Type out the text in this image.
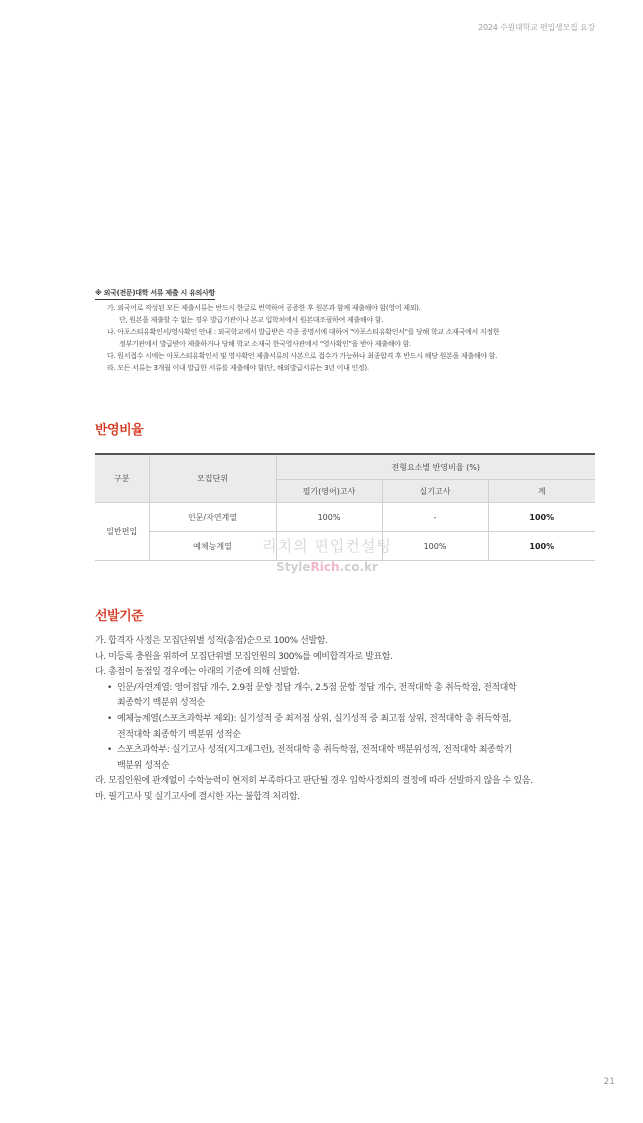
2024 수원대학교 편입생모집 요강
※ 외국(전문)대학 서류 제출 시 유의사항
가. 외국어로 작성된 모든 제출서류는 반드시 한글로 번역하여 공증한 후 원본과 함께 제출해야 함(영어 제외).
단, 원본을 제출할 수 없는 경우 발급기관이나 본교 입학처에서 원본대조필하여 제출해야 함.
나. 아포스티유확인서/영사확인 안내 : 외국학교에서 발급받은 각종 증명서에 대하여 "아포스티유확인서"를 당해 학교 소재국에서 지정한
정부기관에서 발급받아 제출하거나 당해 학교 소재국 한국영사관에서 "영사확인"을 받아 제출해야 함.
다. 원서접수 시에는 아포스티유확인서 및 영사확인 제출서류의 사본으로 접수가 가능하나 최종합격 후 반드시 해당 원본을 제출해야 함.
라. 모든 서류는 3개월 이내 발급한 서류를 제출해야 함(단, 해외발급서류는 3년 이내 인정).
반영비율
구분	모집단위	전형요소별 반영비율 (%)		
		필기(영어)고사	실기고사	계
일반편입	인문/자연계열	100%	-	100%
	예체능계열		100%	100%
리치의 편입컨설팅
StyleRich.co.kr
선발기준
가. 합격자 사정은 모집단위별 성적(총점)순으로 100% 선발함.
나. 미등록 충원을 위하여 모집단위별 모집인원의 300%를 예비합격자로 발표함.
다. 총점이 동점일 경우에는 아래의 기준에 의해 선발함.
• 인문/자연계열: 영어접답 개수, 2.9점 문항 정답 개수, 2.5점 문항 정답 개수, 전적대학 총 취득학점, 전적대학
최종학기 백분위 성적순
• 예체능계열(스포츠과학부 제외): 실기성적 중 최저점 상위, 실기성적 중 최고점 상위, 전적대학 총 취득학점,
전적대학 최종학기 백분위 성적순
• 스포츠과학부: 실기고사 성적(지그재그런), 전적대학 총 취득학점, 전적대학 백분위성적, 전적대학 최종학기
백분위 성적순
라. 모집인원에 관계없이 수학능력이 현저히 부족하다고 판단될 경우 입학사정회의 결정에 따라 선발하지 않을 수 있음.
마. 필기고사 및 실기고사에 결시한 자는 불합격 처리함.
21
